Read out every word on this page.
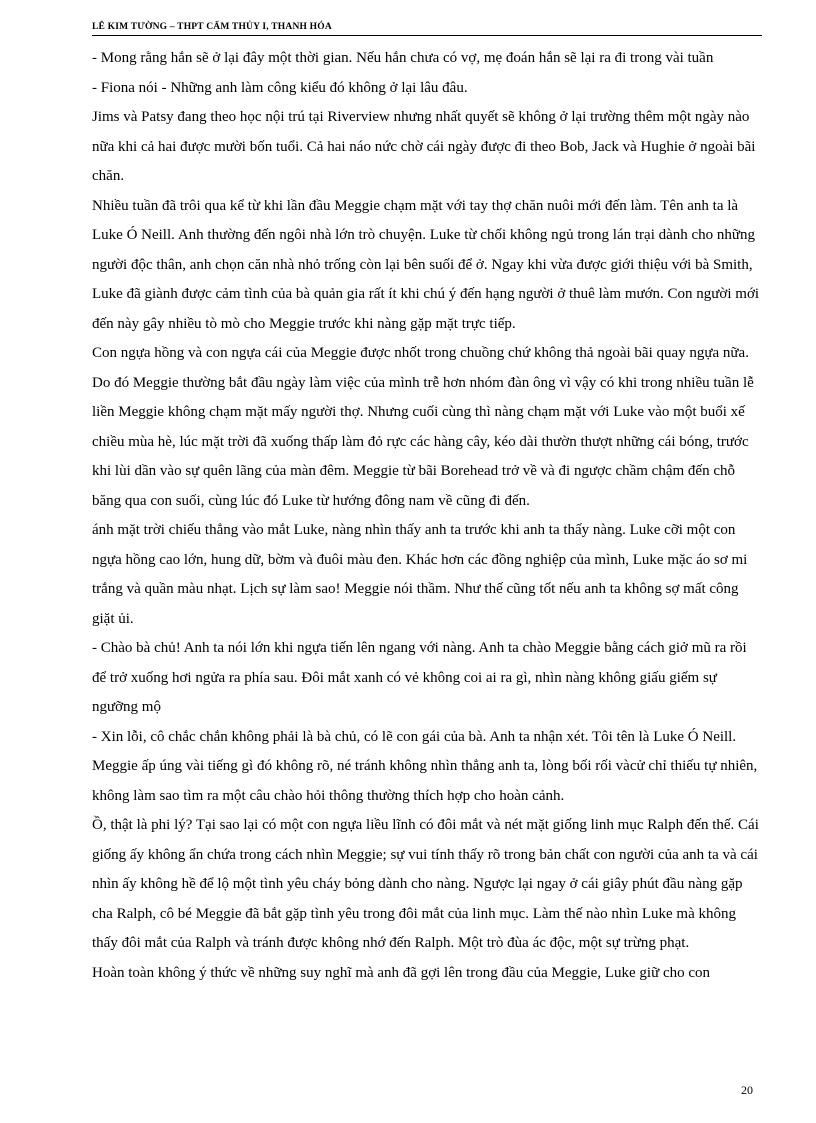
LÊ KIM TƯỜNG – THPT CẨM THỦY I, THANH HÓA

- Mong rằng hắn sẽ ở lại đây một thời gian. Nếu hắn chưa có vợ, mẹ đoán hắn sẽ lại ra đi trong vài tuần

- Fiona nói - Những anh làm công kiểu đó không ở lại lâu đâu.

Jims và Patsy đang theo học nội trú tại Riverview nhưng nhất quyết sẽ không ở lại trường thêm một ngày nào nữa khi cả hai được mười bốn tuổi. Cả hai náo nức chờ cái ngày được đi theo Bob, Jack và Hughie ở ngoài bãi chăn.

Nhiều tuần đã trôi qua kể từ khi lần đầu Meggie chạm mặt với tay thợ chăn nuôi mới đến làm. Tên anh ta là Luke Ó Neill. Anh thường đến ngôi nhà lớn trò chuyện. Luke từ chối không ngủ trong lán trại dành cho những người độc thân, anh chọn căn nhà nhỏ trống còn lại bên suối để ở. Ngay khi vừa được giới thiệu với bà Smith, Luke đã giành được cảm tình của bà quản gia rất ít khi chú ý đến hạng người ở thuê làm mướn. Con người mới đến này gây nhiều tò mò cho Meggie trước khi nàng gặp mặt trực tiếp.

Con ngựa hồng và con ngựa cái của Meggie được nhốt trong chuồng chứ không thả ngoài bãi quay ngựa nữa. Do đó Meggie thường bắt đầu ngày làm việc của mình trễ hơn nhóm đàn ông vì vậy có khi trong nhiều tuần lễ liền Meggie không chạm mặt mấy người thợ. Nhưng cuối cùng thì nàng chạm mặt với Luke vào một buổi xế chiều mùa hè, lúc mặt trời đã xuống thấp làm đỏ rực các hàng cây, kéo dài thườn thượt những cái bóng, trước khi lùi dần vào sự quên lãng của màn đêm. Meggie từ bãi Borehead trở về và đi ngược chầm chậm đến chỗ băng qua con suối, cùng lúc đó Luke từ hướng đông nam về cũng đi đến.

ánh mặt trời chiếu thẳng vào mắt Luke, nàng nhìn thấy anh ta trước khi anh ta thấy nàng. Luke cỡi một con ngựa hồng cao lớn, hung dữ, bờm và đuôi màu đen. Khác hơn các đồng nghiệp của mình, Luke mặc áo sơ mi trắng và quần màu nhạt. Lịch sự làm sao! Meggie nói thầm. Như thế cũng tốt nếu anh ta không sợ mất công giặt ủi.

- Chào bà chủ! Anh ta nói lớn khi ngựa tiến lên ngang với nàng. Anh ta chào Meggie bằng cách giở mũ ra rồi để trở xuống hơi ngửa ra phía sau. Đôi mắt xanh có vẻ không coi ai ra gì, nhìn nàng không giấu giếm sự ngưỡng mộ

- Xin lỗi, cô chắc chắn không phải là bà chủ, có lẽ con gái của bà. Anh ta nhận xét. Tôi tên là Luke Ó Neill.

Meggie ấp úng vài tiếng gì đó không rõ, né tránh không nhìn thẳng anh ta, lòng bối rối vàcử chỉ thiếu tự nhiên, không làm sao tìm ra một câu chào hỏi thông thường thích hợp cho hoàn cảnh.

Ồ, thật là phi lý? Tại sao lại có một con ngựa liều lĩnh có đôi mắt và nét mặt giống linh mục Ralph đến thế. Cái giống ấy không ẩn chứa trong cách nhìn Meggie; sự vui tính thấy rõ trong bản chất con người của anh ta và cái nhìn ấy không hề để lộ một tình yêu cháy bỏng dành cho nàng. Ngược lại ngay ở cái giây phút đầu nàng gặp cha Ralph, cô bé Meggie đã bắt gặp tình yêu trong đôi mắt của linh mục. Làm thế nào nhìn Luke mà không thấy đôi mắt của Ralph và tránh được không nhớ đến Ralph. Một trò đùa ác độc, một sự trừng phạt.

Hoàn toàn không ý thức về những suy nghĩ mà anh đã gợi lên trong đầu của Meggie, Luke giữ cho con

20
